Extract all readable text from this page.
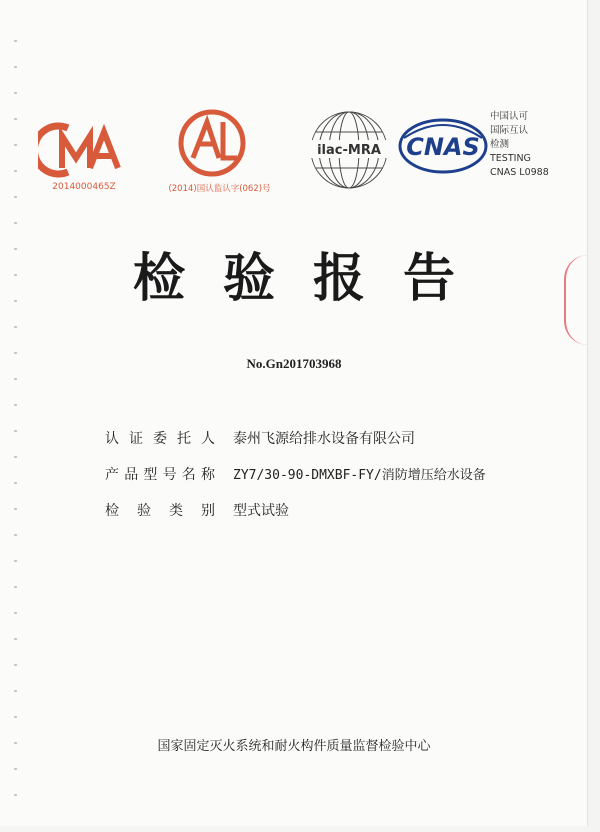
2014000465Z	(2014)国认监认字(062)号
ilac-MRA CNAS
中国认可
国际互认
检测
TESTING
CNAS L0988
检验报告
No.Gn201703968
认 证 委 托 人 泰州飞源给排水设备有限公司
产 品 型 号 名 称 ZY7/30-90-DMXBF-FY/消防增压给水设备
检 验 类 别 型式试验
国家固定灭火系统和耐火构件质量监督检验中心
